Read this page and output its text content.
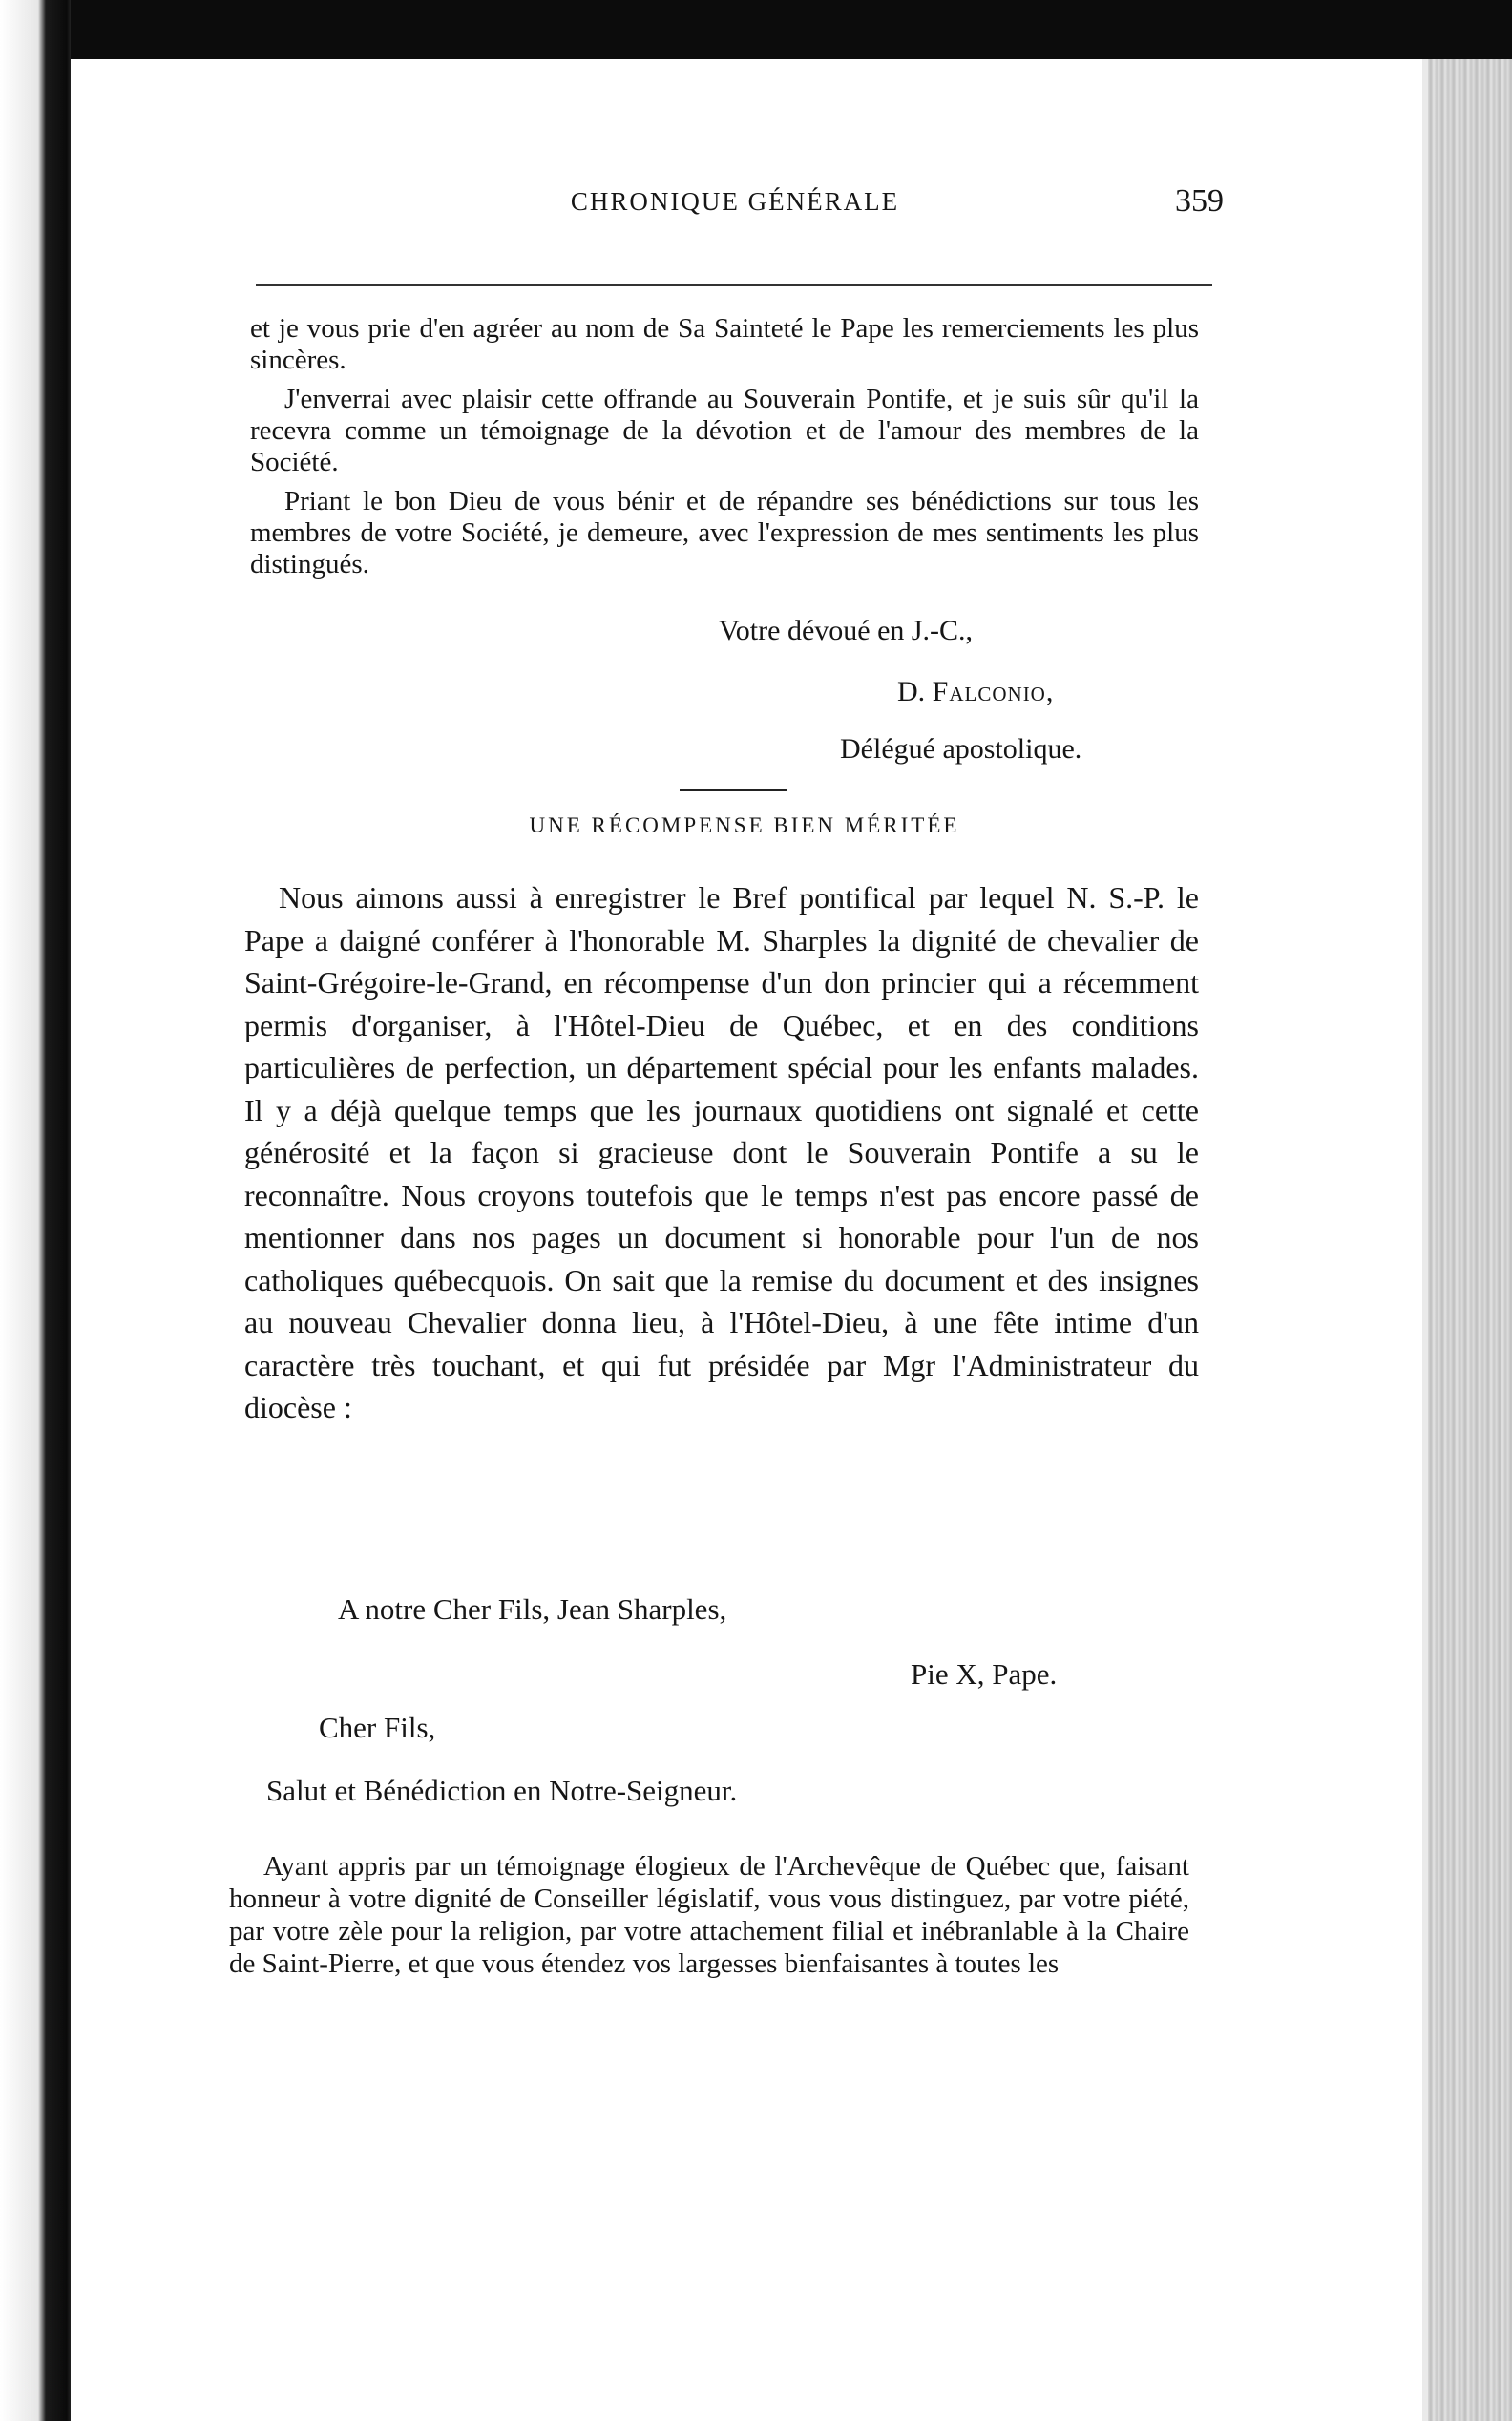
CHRONIQUE GÉNÉRALE	359

et je vous prie d'en agréer au nom de Sa Sainteté le Pape les remerciements les plus sincères.

J'enverrai avec plaisir cette offrande au Souverain Pontife, et je suis sûr qu'il la recevra comme un témoignage de la dévotion et de l'amour des membres de la Société.

Priant le bon Dieu de vous bénir et de répandre ses bénédictions sur tous les membres de votre Société, je demeure, avec l'expression de mes sentiments les plus distingués.

Votre dévoué en J.-C.,
D. Falconio,
Délégué apostolique.
UNE RÉCOMPENSE BIEN MÉRITÉE

Nous aimons aussi à enregistrer le Bref pontifical par lequel N. S.-P. le Pape a daigné conférer à l'honorable M. Sharples la dignité de chevalier de Saint-Grégoire-le-Grand, en récompense d'un don princier qui a récemment permis d'organiser, à l'Hôtel-Dieu de Québec, et en des conditions particulières de perfection, un département spécial pour les enfants malades. Il y a déjà quelque temps que les journaux quotidiens ont signalé et cette générosité et la façon si gracieuse dont le Souverain Pontife a su le reconnaître. Nous croyons toutefois que le temps n'est pas encore passé de mentionner dans nos pages un document si honorable pour l'un de nos catholiques québecquois. On sait que la remise du document et des insignes au nouveau Chevalier donna lieu, à l'Hôtel-Dieu, à une fête intime d'un caractère très touchant, et qui fut présidée par Mgr l'Administrateur du diocèse :

A notre Cher Fils, Jean Sharples,
Pie X, Pape.
Cher Fils,
Salut et Bénédiction en Notre-Seigneur.

Ayant appris par un témoignage élogieux de l'Archevêque de Québec que, faisant honneur à votre dignité de Conseiller législatif, vous vous distinguez, par votre piété, par votre zèle pour la religion, par votre attachement filial et inébranlable à la Chaire de Saint-Pierre, et que vous étendez vos largesses bienfaisantes à toutes les
